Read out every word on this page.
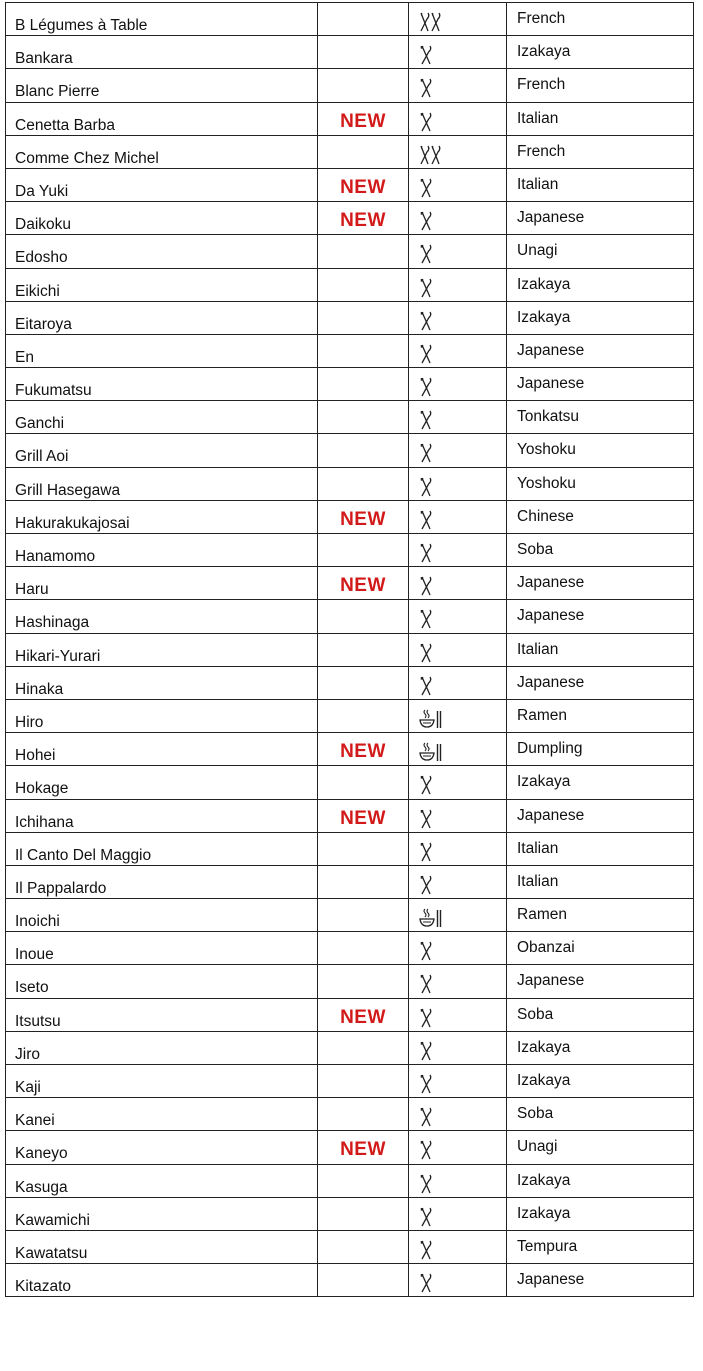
B Légumes à Table			French

Bankara			Izakaya

Blanc Pierre			French

Cenetta Barba	NEW		Italian

Comme Chez Michel			French

Da Yuki	NEW		Italian

Daikoku	NEW		Japanese

Edosho			Unagi

Eikichi			Izakaya

Eitaroya			Izakaya

En			Japanese

Fukumatsu			Japanese

Ganchi			Tonkatsu

Grill Aoi			Yoshoku

Grill Hasegawa			Yoshoku

Hakurakukajosai	NEW		Chinese

Hanamomo			Soba

Haru	NEW		Japanese

Hashinaga			Japanese

Hikari-Yurari			Italian

Hinaka			Japanese

Hiro			Ramen

Hohei	NEW		Dumpling

Hokage			Izakaya

Ichihana	NEW		Japanese

Il Canto Del Maggio			Italian

Il Pappalardo			Italian

Inoichi			Ramen

Inoue			Obanzai

Iseto			Japanese

Itsutsu	NEW		Soba

Jiro			Izakaya

Kaji			Izakaya

Kanei			Soba

Kaneyo	NEW		Unagi

Kasuga			Izakaya

Kawamichi			Izakaya

Kawatatsu			Tempura

Kitazato			Japanese
